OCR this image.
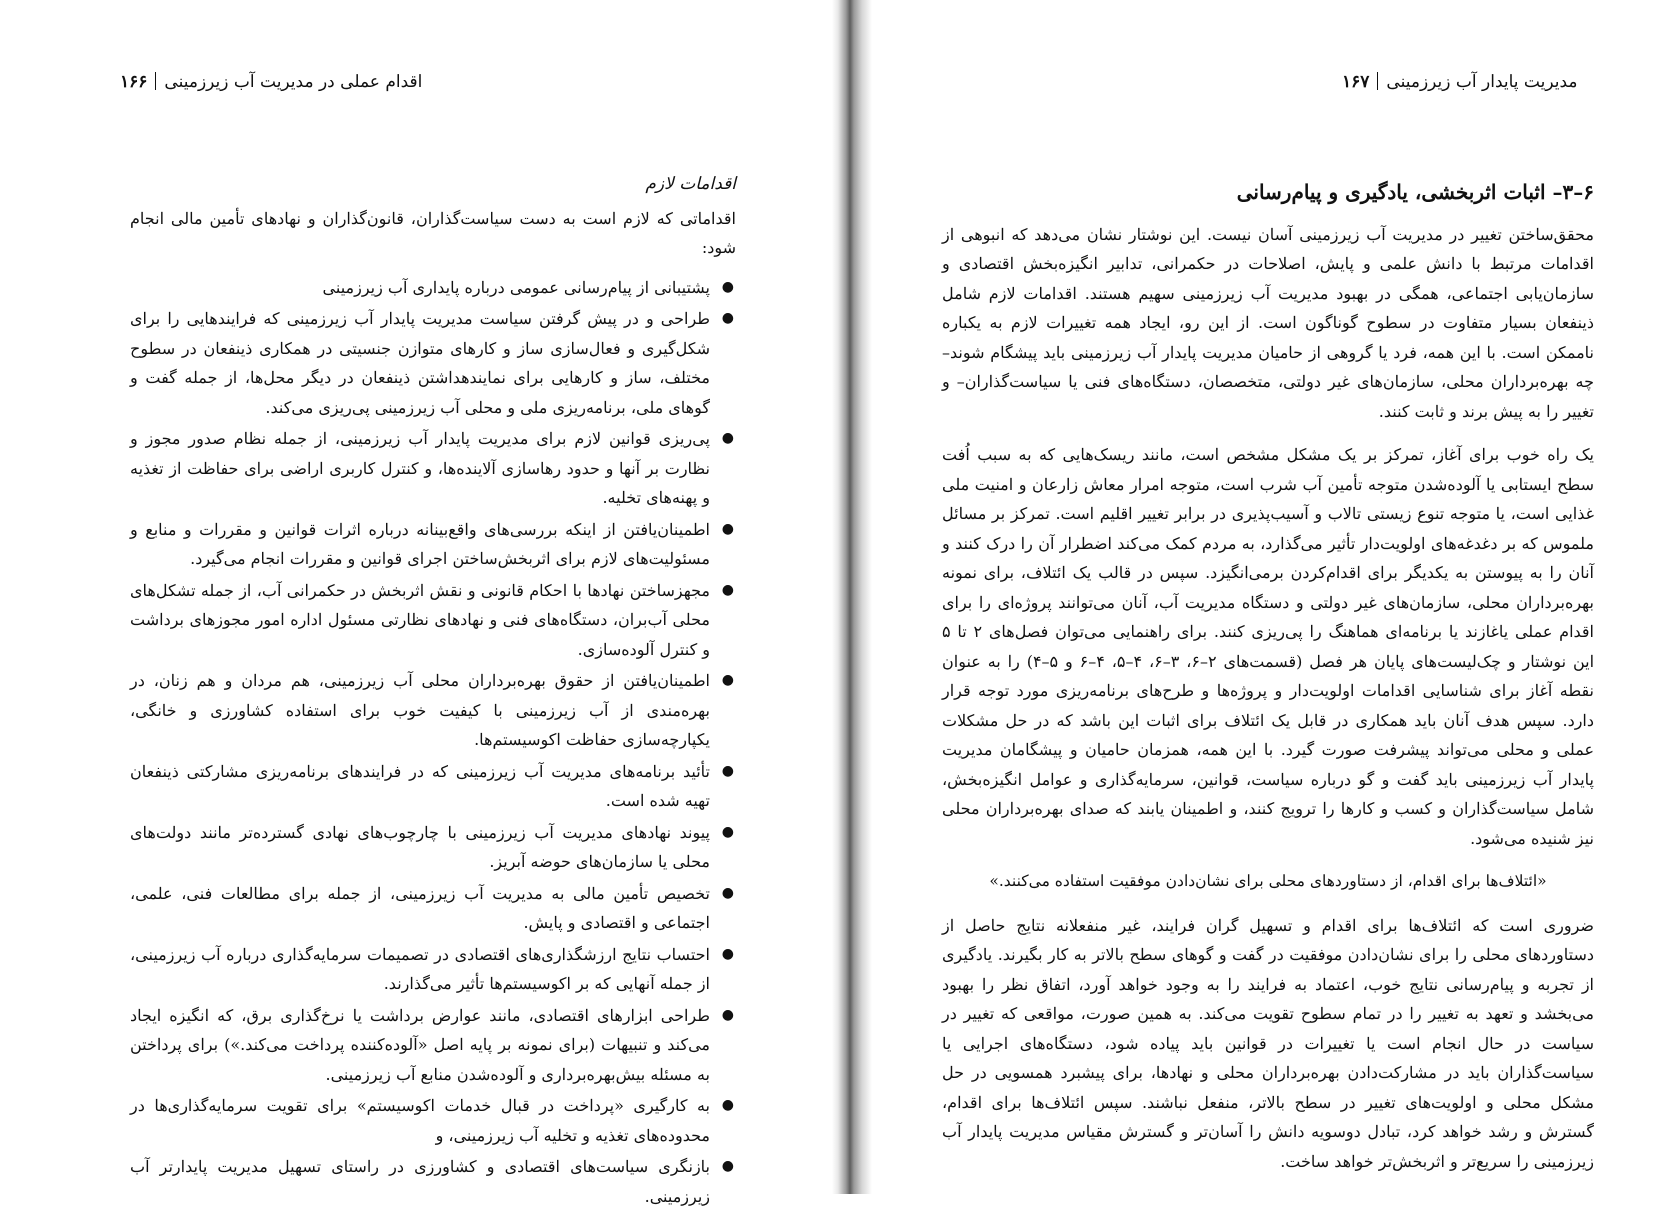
۱۶۶ اقدام عملی در مدیریت آب زیرزمینی
اقدامات لازم
اقداماتی که لازم است به دست سیاست‌گذاران، قانون‌گذاران و نهادهای تأمین مالی انجام شود:
●
پشتیبانی از پیام‌رسانی عمومی درباره پایداری آب زیرزمینی
●
طراحی و در پیش گرفتن سیاست مدیریت پایدار آب زیرزمینی که فرایندهایی را برای شکل‌گیری و فعال‌سازی ساز و کارهای متوازن جنسیتی در همکاری ذینفعان در سطوح مختلف، ساز و کارهایی برای نمایندهداشتن ذینفعان در دیگر محل‌ها، از جمله گفت و گوهای ملی، برنامه‌ریزی ملی و محلی آب زیرزمینی پی‌ریزی می‌کند.
●
پی‌ریزی قوانین لازم برای مدیریت پایدار آب زیرزمینی، از جمله نظام صدور مجوز و نظارت بر آنها و حدود رهاسازی آلاینده‌ها، و کنترل کاربری اراضی برای حفاظت از تغذیه و پهنه‌های تخلیه.
●
اطمینان‌یافتن از اینکه بررسی‌های واقع‌بینانه درباره اثرات قوانین و مقررات و منابع و مسئولیت‌های لازم برای اثربخش‌ساختن اجرای قوانین و مقررات انجام می‌گیرد.
●
مجهزساختن نهادها با احکام قانونی و نقش اثربخش در حکمرانی آب، از جمله تشکل‌های محلی آب‌بران، دستگاه‌های فنی و نهادهای نظارتی مسئول اداره امور مجوزهای برداشت و کنترل آلوده‌سازی.
●
اطمینان‌یافتن از حقوق بهره‌برداران محلی آب زیرزمینی، هم مردان و هم زنان، در بهره‌مندی از آب زیرزمینی با کیفیت خوب برای استفاده کشاورزی و خانگی، یکپارچه‌سازی حفاظت اکوسیستم‌ها.
●
تأئید برنامه‌های مدیریت آب زیرزمینی که در فرایندهای برنامه‌ریزی مشارکتی ذینفعان تهیه شده است.
●
پیوند نهادهای مدیریت آب زیرزمینی با چارچوب‌های نهادی گسترده‌تر مانند دولت‌های محلی یا سازمان‌های حوضه آبریز.
●
تخصیص تأمین مالی به مدیریت آب زیرزمینی، از جمله برای مطالعات فنی، علمی، اجتماعی و اقتصادی و پایش.
●
احتساب نتایج ارزشگذاری‌های اقتصادی در تصمیمات سرمایه‌گذاری درباره آب زیرزمینی، از جمله آنهایی که بر اکوسیستم‌ها تأثیر می‌گذارند.
●
طراحی ابزارهای اقتصادی، مانند عوارض برداشت یا نرخ‌گذاری برق، که انگیزه ایجاد می‌کند و تنبیهات (برای نمونه بر پایه اصل «آلوده‌کننده پرداخت می‌کند.») برای پرداختن به مسئله بیش‌بهره‌برداری و آلوده‌شدن منابع آب زیرزمینی.
●
به کارگیری «پرداخت در قبال خدمات اکوسیستم» برای تقویت سرمایه‌گذاری‌ها در محدوده‌های تغذیه و تخلیه آب زیرزمینی، و
●
بازنگری سیاست‌های اقتصادی و کشاورزی در راستای تسهیل مدیریت پایدارتر آب زیرزمینی.
مدیریت پایدار آب زیرزمینی۱۶۷
۶–۳– اثبات اثربخشی، یادگیری و پیام‌رسانی
محقق‌ساختن تغییر در مدیریت آب زیرزمینی آسان نیست. این نوشتار نشان می‌دهد که انبوهی از اقدامات مرتبط با دانش علمی و پایش، اصلاحات در حکمرانی، تدابیر انگیزه‌بخش اقتصادی و سازمان‌یابی اجتماعی، همگی در بهبود مدیریت آب زیرزمینی سهیم هستند. اقدامات لازم شامل ذینفعان بسیار متفاوت در سطوح گوناگون است. از این رو، ایجاد همه تغییرات لازم به یکباره ناممکن است. با این همه، فرد یا گروهی از حامیان مدیریت پایدار آب زیرزمینی باید پیشگام شوند– چه بهره‌برداران محلی، سازمان‌های غیر دولتی، متخصصان، دستگاه‌های فنی یا سیاست‌گذاران– و تغییر را به پیش برند و ثابت کنند.
یک راه خوب برای آغاز، تمرکز بر یک مشکل مشخص است، مانند ریسک‌هایی که به سبب اُفت سطح ایستابی یا آلوده‌شدن متوجه تأمین آب شرب است، متوجه امرار معاش زارعان و امنیت ملی غذایی است، یا متوجه تنوع زیستی تالاب و آسیب‌پذیری در برابر تغییر اقلیم است. تمرکز بر مسائل ملموس که بر دغدغه‌های اولویت‌دار تأثیر می‌گذارد، به مردم کمک می‌کند اضطرار آن را درک کنند و آنان را به پیوستن به یکدیگر برای اقدام‌کردن برمی‌انگیزد. سپس در قالب یک ائتلاف، برای نمونه بهره‌برداران محلی، سازمان‌های غیر دولتی و دستگاه مدیریت آب، آنان می‌توانند پروژه‌ای را برای اقدام عملی یا‌غازند یا برنامه‌ای هماهنگ را پی‌ریزی کنند. برای راهنمایی می‌توان فصل‌های ۲ تا ۵ این نوشتار و چک‌لیست‌های پایان هر فصل (قسمت‌های ۲–۶، ۳–۶، ۴–۵، ۴–۶ و ۵–۴) را به عنوان نقطه آغاز برای شناسایی اقدامات اولویت‌دار و پروژه‌ها و طرح‌های برنامه‌ریزی مورد توجه قرار دارد. سپس هدف آنان باید همکاری در قابل یک ائتلاف برای اثبات این باشد که در حل مشکلات عملی و محلی می‌تواند پیشرفت صورت گیرد. با این همه، همزمان حامیان و پیشگامان مدیریت پایدار آب زیرزمینی باید گفت و گو درباره سیاست، قوانین، سرمایه‌گذاری و عوامل انگیزه‌بخش، شامل سیاست‌گذاران و کسب و کارها را ترویج کنند، و اطمینان یابند که صدای بهره‌برداران محلی نیز شنیده می‌شود.
«ائتلاف‌ها برای اقدام، از دستاوردهای محلی برای نشان‌دادن موفقیت استفاده می‌کنند.»
ضروری است که ائتلاف‌ها برای اقدام و تسهیل گران فرایند، غیر منفعلانه نتایج حاصل از دستاوردهای محلی را برای نشان‌دادن موفقیت در گفت و گوهای سطح بالاتر به کار بگیرند. یادگیری از تجربه و پیام‌رسانی نتایج خوب، اعتماد به فرایند را به وجود خواهد آورد، اتفاق نظر را بهبود می‌بخشد و تعهد به تغییر را در تمام سطوح تقویت می‌کند. به همین صورت، مواقعی که تغییر در سیاست در حال انجام است یا تغییرات در قوانین باید پیاده شود، دستگاه‌های اجرایی یا سیاست‌گذاران باید در مشارکت‌دادن بهره‌برداران محلی و نهادها، برای پیشبرد همسویی در حل مشکل محلی و اولویت‌های تغییر در سطح بالاتر، منفعل نباشند. سپس ائتلاف‌ها برای اقدام، گسترش و رشد خواهد کرد، تبادل دوسویه دانش را آسان‌تر و گسترش مقیاس مدیریت پایدار آب زیرزمینی را سریع‌تر و اثربخش‌تر خواهد ساخت.
